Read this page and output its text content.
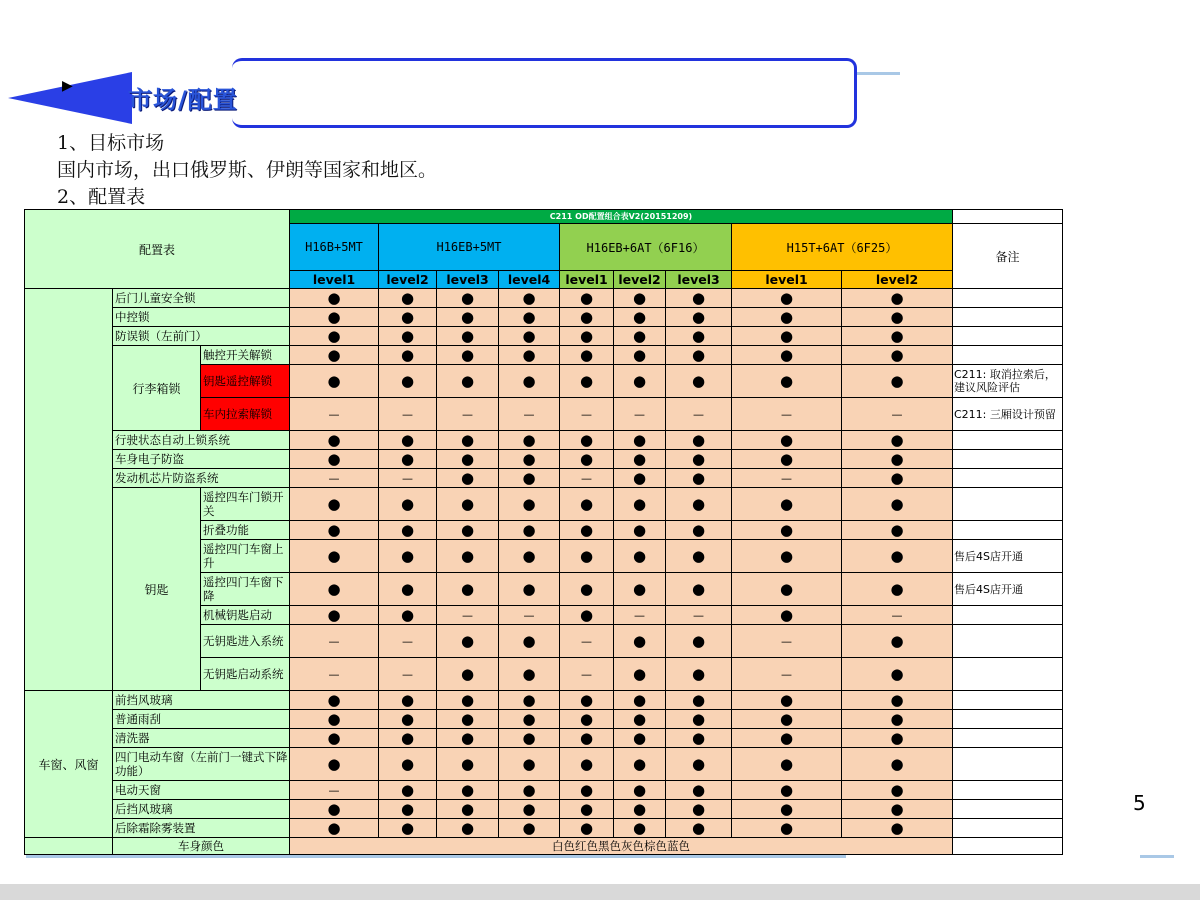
▶ 市场/配置
1、目标市场
国内市场，出口俄罗斯、伊朗等国家和地区。
2、配置表
配置表			C211 OD配置组合表V2(20151209)									
			H16B+5MT	H16EB+5MT			H16EB+6AT（6F16）			H15T+6AT（6F25）		备注
			level1	level2	level3	level4	level1	level2	level3	level1	level2	
	后门儿童安全锁		●	●	●	●	●	●	●	●	●	
	中控锁		●	●	●	●	●	●	●	●	●	
	防误锁（左前门）		●	●	●	●	●	●	●	●	●	
	行李箱锁	触控开关解锁	●	●	●	●	●	●	●	●	●	
		钥匙遥控解锁	●	●	●	●	●	●	●	●	●	C211: 取消拉索后，建议风险评估
		车内拉索解锁	—	—	—	—	—	—	—	—	—	C211: 三厢设计预留
	行驶状态自动上锁系统		●	●	●	●	●	●	●	●	●	
	车身电子防盗		●	●	●	●	●	●	●	●	●	
	发动机芯片防盗系统		—	—	●	●	—	●	●	—	●	
	钥匙	遥控四车门锁开关	●	●	●	●	●	●	●	●	●	
		折叠功能	●	●	●	●	●	●	●	●	●	
		遥控四门车窗上升	●	●	●	●	●	●	●	●	●	售后4S店开通
		遥控四门车窗下降	●	●	●	●	●	●	●	●	●	售后4S店开通
		机械钥匙启动	●	●	—	—	●	—	—	●	—	
		无钥匙进入系统	—	—	●	●	—	●	●	—	●	
		无钥匙启动系统	—	—	●	●	—	●	●	—	●	
车窗、风窗	前挡风玻璃		●	●	●	●	●	●	●	●	●	
	普通雨刮		●	●	●	●	●	●	●	●	●	
	清洗器		●	●	●	●	●	●	●	●	●	
	四门电动车窗（左前门一键式下降功能）		●	●	●	●	●	●	●	●	●	
	电动天窗		—	●	●	●	●	●	●	●	●	
	后挡风玻璃		●	●	●	●	●	●	●	●	●	
	后除霜除雾装置		●	●	●	●	●	●	●	●	●	
	车身颜色		白色红色黑色灰色棕色蓝色									
5
